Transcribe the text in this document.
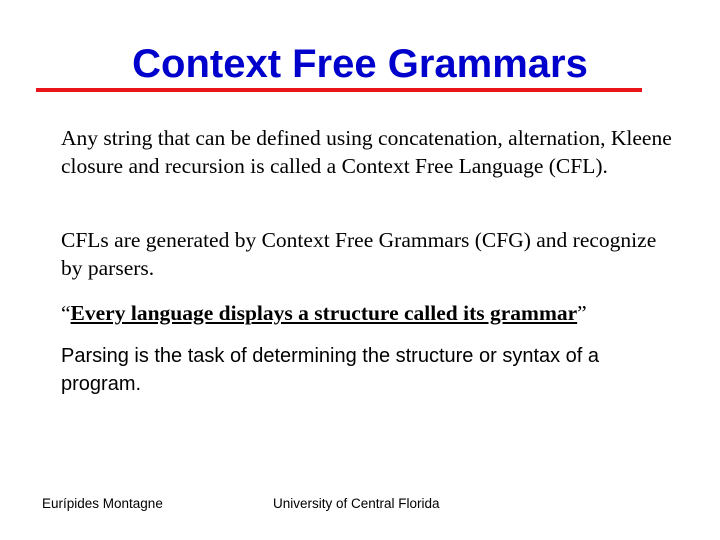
Context Free Grammars
Any string that can be defined using concatenation, alternation, Kleene closure and recursion is called a Context Free Language (CFL).
CFLs are generated by Context Free Grammars (CFG) and recognize by parsers.
“Every language displays a structure called its grammar”
Parsing is the task of determining the structure or syntax of a program.
Eurípides Montagne	University of Central Florida
